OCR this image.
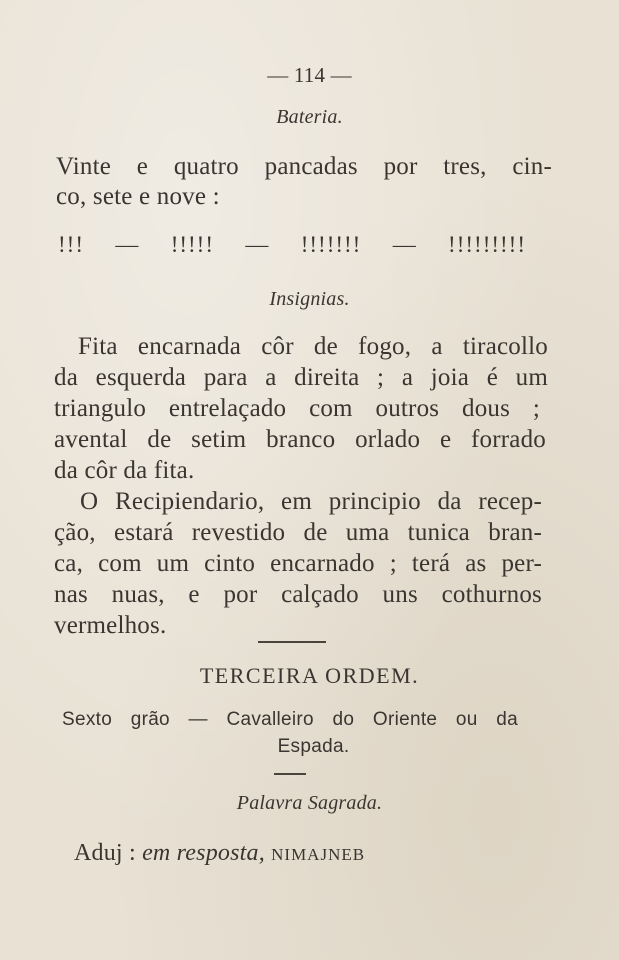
— 114 —
Bateria.
Vinte e quatro pancadas por tres, cin-
co, sete e nove :
!!! — !!!!! — !!!!!!! — !!!!!!!!!
Insignias.
Fita encarnada côr de fogo, a tiracollo
da esquerda para a direita ; a joia é um
triangulo entrelaçado com outros dous ;
avental de setim branco orlado e forrado
da côr da fita.
O Recipiendario, em principio da recep-
ção, estará revestido de uma tunica bran-
ca, com um cinto encarnado ; terá as per-
nas nuas, e por calçado uns cothurnos
vermelhos.
TERCEIRA ORDEM.
Sexto grão — Cavalleiro do Oriente ou da
Espada.
Palavra Sagrada.
Aduj : em resposta, NIMAJNEB
